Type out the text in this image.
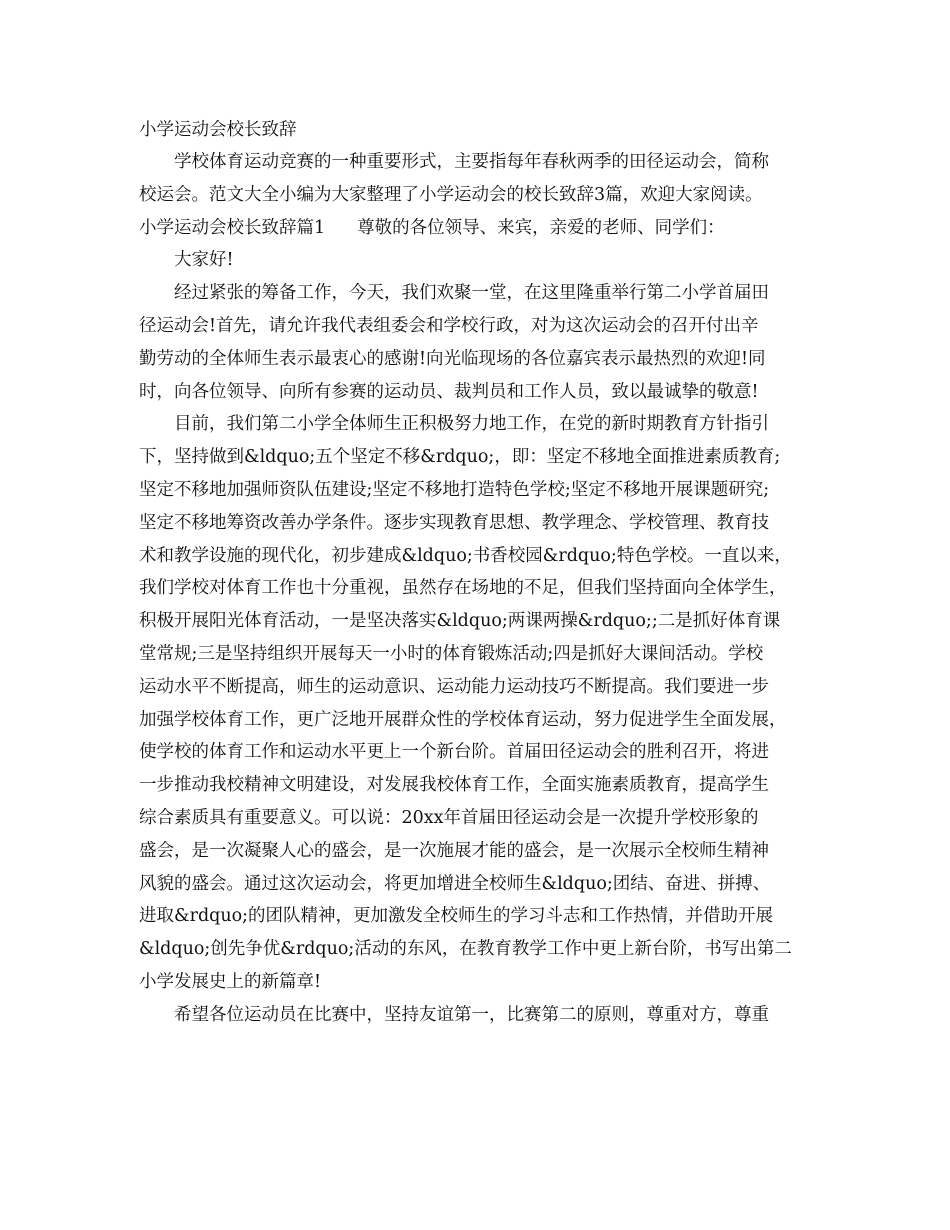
小学运动会校长致辞

学校体育运动竞赛的一种重要形式，主要指每年春秋两季的田径运动会，简称

校运会。范文大全小编为大家整理了小学运动会的校长致辞3篇，欢迎大家阅读。

小学运动会校长致辞篇1 尊敬的各位领导、来宾，亲爱的老师、同学们：

大家好!

经过紧张的筹备工作，今天，我们欢聚一堂，在这里隆重举行第二小学首届田

径运动会!首先，请允许我代表组委会和学校行政，对为这次运动会的召开付出辛

勤劳动的全体师生表示最衷心的感谢!向光临现场的各位嘉宾表示最热烈的欢迎!同

时，向各位领导、向所有参赛的运动员、裁判员和工作人员，致以最诚挚的敬意!

目前，我们第二小学全体师生正积极努力地工作，在党的新时期教育方针指引

下，坚持做到&ldquo;五个坚定不移&rdquo;，即：坚定不移地全面推进素质教育;

坚定不移地加强师资队伍建设;坚定不移地打造特色学校;坚定不移地开展课题研究;

坚定不移地筹资改善办学条件。逐步实现教育思想、教学理念、学校管理、教育技

术和教学设施的现代化，初步建成&ldquo;书香校园&rdquo;特色学校。一直以来，

我们学校对体育工作也十分重视，虽然存在场地的不足，但我们坚持面向全体学生，

积极开展阳光体育活动，一是坚决落实&ldquo;两课两操&rdquo;;二是抓好体育课

堂常规;三是坚持组织开展每天一小时的体育锻炼活动;四是抓好大课间活动。学校

运动水平不断提高，师生的运动意识、运动能力运动技巧不断提高。我们要进一步

加强学校体育工作，更广泛地开展群众性的学校体育运动，努力促进学生全面发展，

使学校的体育工作和运动水平更上一个新台阶。首届田径运动会的胜利召开，将进

一步推动我校精神文明建设，对发展我校体育工作，全面实施素质教育，提高学生

综合素质具有重要意义。可以说：20xx年首届田径运动会是一次提升学校形象的

盛会，是一次凝聚人心的盛会，是一次施展才能的盛会，是一次展示全校师生精神

风貌的盛会。通过这次运动会，将更加增进全校师生&ldquo;团结、奋进、拼搏、

进取&rdquo;的团队精神，更加激发全校师生的学习斗志和工作热情，并借助开展

&ldquo;创先争优&rdquo;活动的东风，在教育教学工作中更上新台阶，书写出第二

小学发展史上的新篇章!

希望各位运动员在比赛中，坚持友谊第一，比赛第二的原则，尊重对方，尊重
